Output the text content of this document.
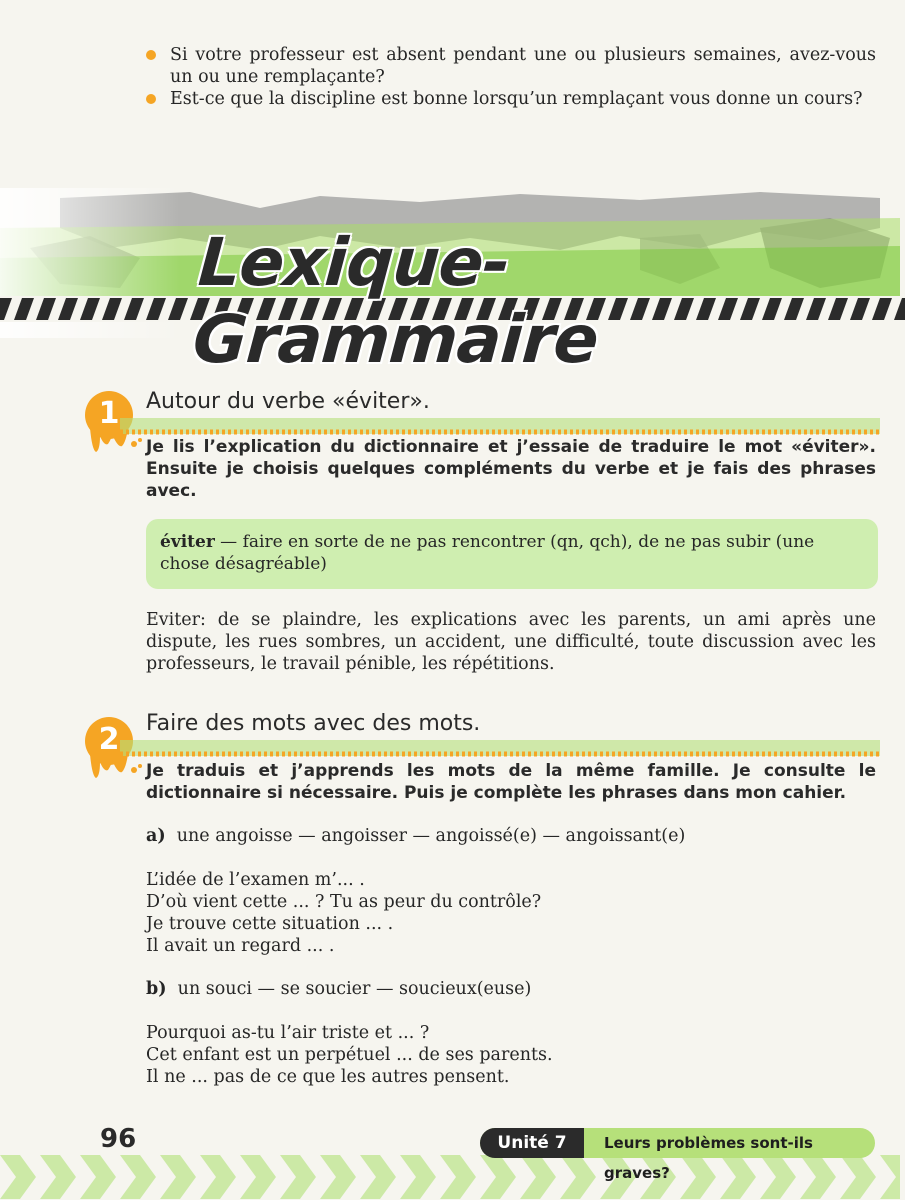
Si votre professeur est absent pendant une ou plusieurs semaines, avez-vous un ou une remplaçante?
Est-ce que la discipline est bonne lorsqu’un remplaçant vous donne un cours?
Lexique-Grammaire
1	Autour du verbe «éviter».
Je lis l’explication du dictionnaire et j’essaie de traduire le mot «éviter». Ensuite je choisis quelques compléments du verbe et je fais des phrases avec.
éviter — faire en sorte de ne pas rencontrer (qn, qch), de ne pas subir (une chose désagréable)
Eviter: de se plaindre, les explications avec les parents, un ami après une dispute, les rues sombres, un accident, une difficulté, toute discussion avec les professeurs, le travail pénible, les répétitions.
2	Faire des mots avec des mots.
Je traduis et j’apprends les mots de la même famille. Je consulte le dictionnaire si nécessaire. Puis je complète les phrases dans mon cahier.
a) une angoisse — angoisser — angoissé(e) — angoissant(e)
L’idée de l’examen m’... .
D’où vient cette ... ? Tu as peur du contrôle?
Je trouve cette situation ... .
Il avait un regard ... .
b) un souci — se soucier — soucieux(euse)
Pourquoi as-tu l’air triste et ... ?
Cet enfant est un perpétuel ... de ses parents.
Il ne ... pas de ce que les autres pensent.
96	Unité 7	Leurs problèmes sont-ils graves?
